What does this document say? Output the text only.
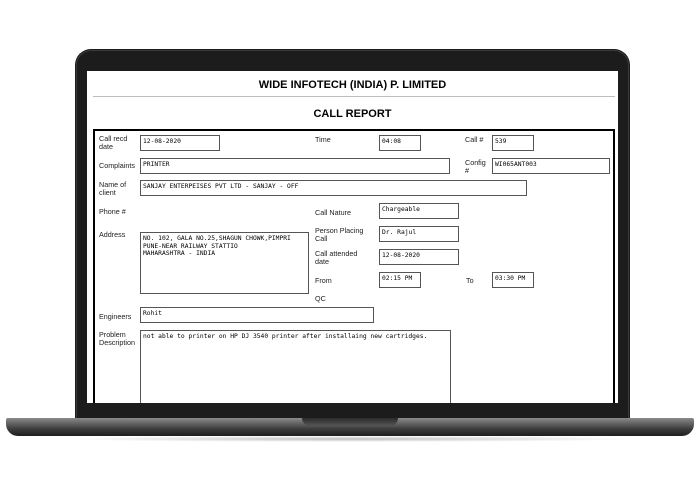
WIDE INFOTECH (INDIA) P. LIMITED
CALL REPORT
Call recd date
12-08-2020	Time	04:08	Call #	539
Complaints	PRINTER	Config #
WI065ANT003
Name of client
SANJAY ENTERPEISES PVT LTD - SANJAY - OFF
Phone #	Call Nature	Chargeable
Address	NO. 102, GALA NO.25,SHAGUN CHOWK,PIMPRI
PUNE-NEAR RAILWAY STATTIO
MAHARASHTRA - INDIA
Person Placing Call
Dr. Rajul
Call attended date
12-08-2020
From	02:15 PM	To	03:30 PM
QC
Engineers	Rohit
Problem Description
not able to printer on HP DJ 3540 printer after installaing new cartridges.
